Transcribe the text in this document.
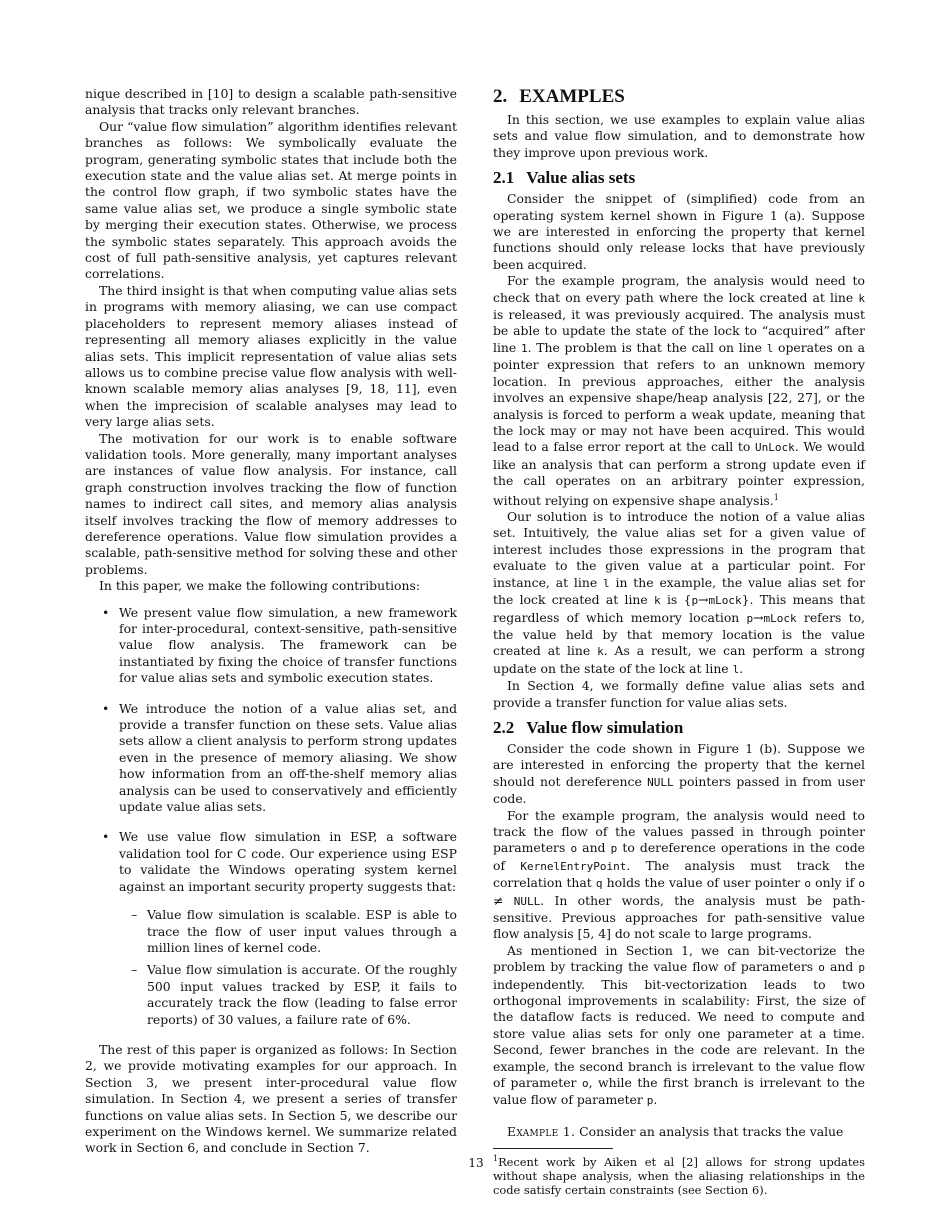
nique described in [10] to design a scalable path-sensitive analysis that tracks only relevant branches.

Our “value flow simulation” algorithm identifies relevant branches as follows: We symbolically evaluate the program, generating symbolic states that include both the execution state and the value alias set. At merge points in the control flow graph, if two symbolic states have the same value alias set, we produce a single symbolic state by merging their execution states. Otherwise, we process the symbolic states separately. This approach avoids the cost of full path-sensitive analysis, yet captures relevant correlations.

The third insight is that when computing value alias sets in programs with memory aliasing, we can use compact placeholders to represent memory aliases instead of representing all memory aliases explicitly in the value alias sets. This implicit representation of value alias sets allows us to combine precise value flow analysis with well-known scalable memory alias analyses [9, 18, 11], even when the imprecision of scalable analyses may lead to very large alias sets.

The motivation for our work is to enable software validation tools. More generally, many important analyses are instances of value flow analysis. For instance, call graph construction involves tracking the flow of function names to indirect call sites, and memory alias analysis itself involves tracking the flow of memory addresses to dereference operations. Value flow simulation provides a scalable, path-sensitive method for solving these and other problems.

In this paper, we make the following contributions:

• We present value flow simulation, a new framework for inter-procedural, context-sensitive, path-sensitive value flow analysis. The framework can be instantiated by fixing the choice of transfer functions for value alias sets and symbolic execution states.
• We introduce the notion of a value alias set, and provide a transfer function on these sets. Value alias sets allow a client analysis to perform strong updates even in the presence of memory aliasing. We show how information from an off-the-shelf memory alias analysis can be used to conservatively and efficiently update value alias sets.
• We use value flow simulation in ESP, a software validation tool for C code. Our experience using ESP to validate the Windows operating system kernel against an important security property suggests that:
– Value flow simulation is scalable. ESP is able to trace the flow of user input values through a million lines of kernel code.
– Value flow simulation is accurate. Of the roughly 500 input values tracked by ESP, it fails to accurately track the flow (leading to false error reports) of 30 values, a failure rate of 6%.

The rest of this paper is organized as follows: In Section 2, we provide motivating examples for our approach. In Section 3, we present inter-procedural value flow simulation. In Section 4, we present a series of transfer functions on value alias sets. In Section 5, we describe our experiment on the Windows kernel. We summarize related work in Section 6, and conclude in Section 7.

2. EXAMPLES

In this section, we use examples to explain value alias sets and value flow simulation, and to demonstrate how they improve upon previous work.

2.1 Value alias sets

Consider the snippet of (simplified) code from an operating system kernel shown in Figure 1 (a). Suppose we are interested in enforcing the property that kernel functions should only release locks that have previously been acquired.

For the example program, the analysis would need to check that on every path where the lock created at line k is released, it was previously acquired. The analysis must be able to update the state of the lock to “acquired” after line 1. The problem is that the call on line l operates on a pointer expression that refers to an unknown memory location. In previous approaches, either the analysis involves an expensive shape/heap analysis [22, 27], or the analysis is forced to perform a weak update, meaning that the lock may or may not have been acquired. This would lead to a false error report at the call to UnLock. We would like an analysis that can perform a strong update even if the call operates on an arbitrary pointer expression, without relying on expensive shape analysis.$^1$

Our solution is to introduce the notion of a value alias set. Intuitively, the value alias set for a given value of interest includes those expressions in the program that evaluate to the given value at a particular point. For instance, at line l in the example, the value alias set for the lock created at line k is {p→mLock}. This means that regardless of which memory location p→mLock refers to, the value held by that memory location is the value created at line k. As a result, we can perform a strong update on the state of the lock at line l.

In Section 4, we formally define value alias sets and provide a transfer function for value alias sets.

2.2 Value flow simulation

Consider the code shown in Figure 1 (b). Suppose we are interested in enforcing the property that the kernel should not dereference NULL pointers passed in from user code.

For the example program, the analysis would need to track the flow of the values passed in through pointer parameters o and p to dereference operations in the code of KernelEntryPoint. The analysis must track the correlation that q holds the value of user pointer o only if o ≠ NULL. In other words, the analysis must be path-sensitive. Previous approaches for path-sensitive value flow analysis [5, 4] do not scale to large programs.

As mentioned in Section 1, we can bit-vectorize the problem by tracking the value flow of parameters o and p independently. This bit-vectorization leads to two orthogonal improvements in scalability: First, the size of the dataflow facts is reduced. We need to compute and store value alias sets for only one parameter at a time. Second, fewer branches in the code are relevant. In the example, the second branch is irrelevant to the value flow of parameter o, while the first branch is irrelevant to the value flow of parameter p.

Example 1. Consider an analysis that tracks the value

$^1$Recent work by Aiken et al [2] allows for strong updates without shape analysis, when the aliasing relationships in the code satisfy certain constraints (see Section 6).

13
